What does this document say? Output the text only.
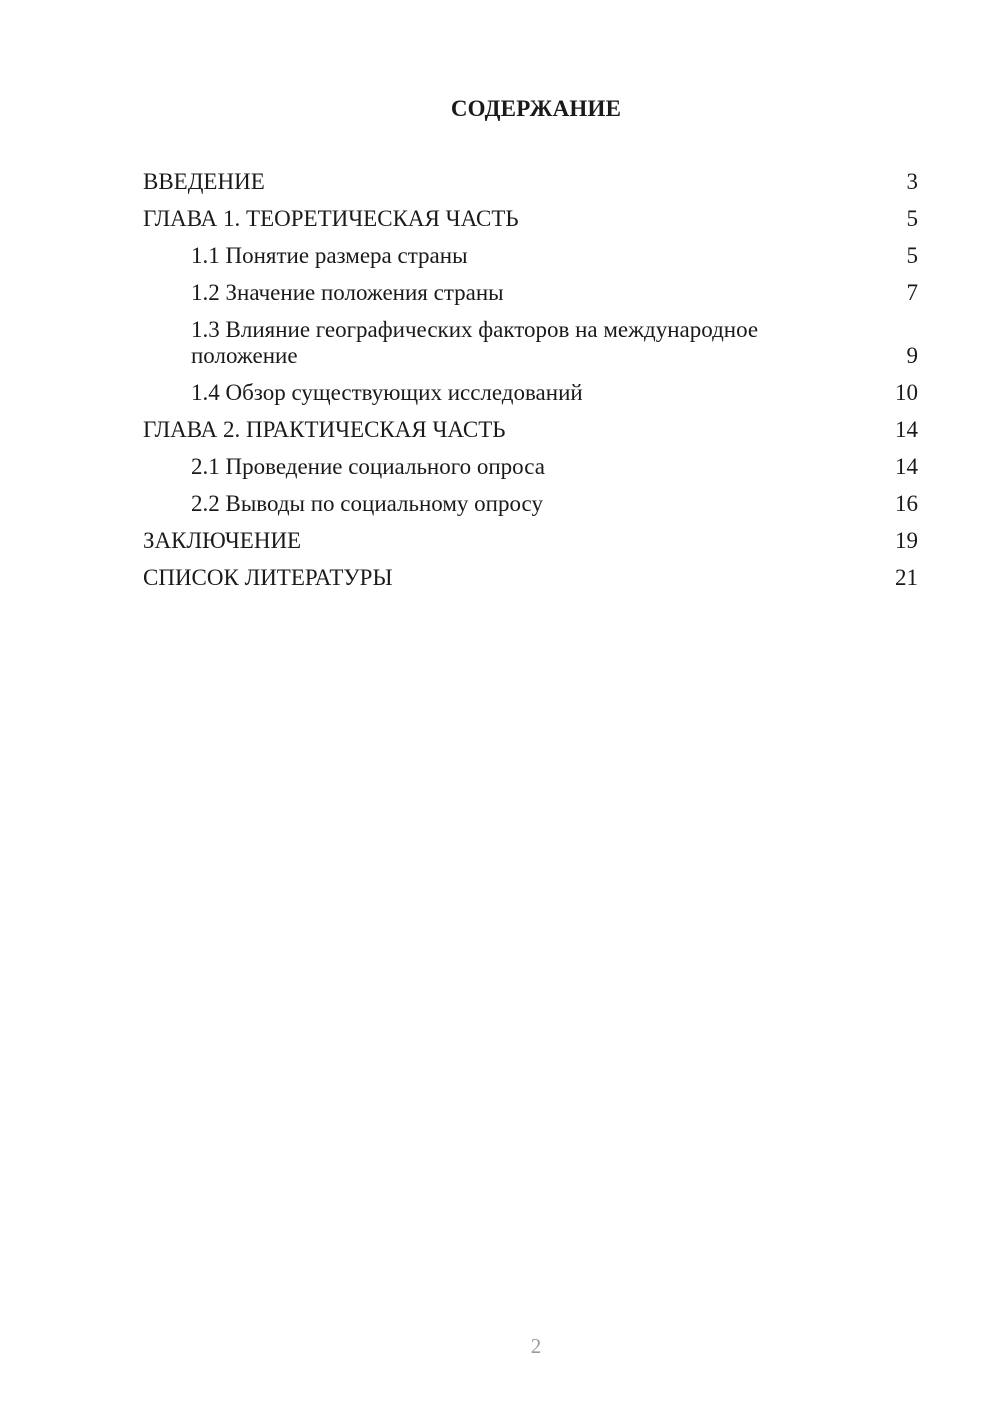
СОДЕРЖАНИЕ
ВВЕДЕНИЕ	3
ГЛАВА 1. ТЕОРЕТИЧЕСКАЯ ЧАСТЬ	5
1.1 Понятие размера страны	5
1.2 Значение положения страны	7
1.3 Влияние географических факторов на международное положение	9
1.4 Обзор существующих исследований	10
ГЛАВА 2. ПРАКТИЧЕСКАЯ ЧАСТЬ	14
2.1 Проведение социального опроса	14
2.2 Выводы по социальному опросу	16
ЗАКЛЮЧЕНИЕ	19
СПИСОК ЛИТЕРАТУРЫ	21
2
